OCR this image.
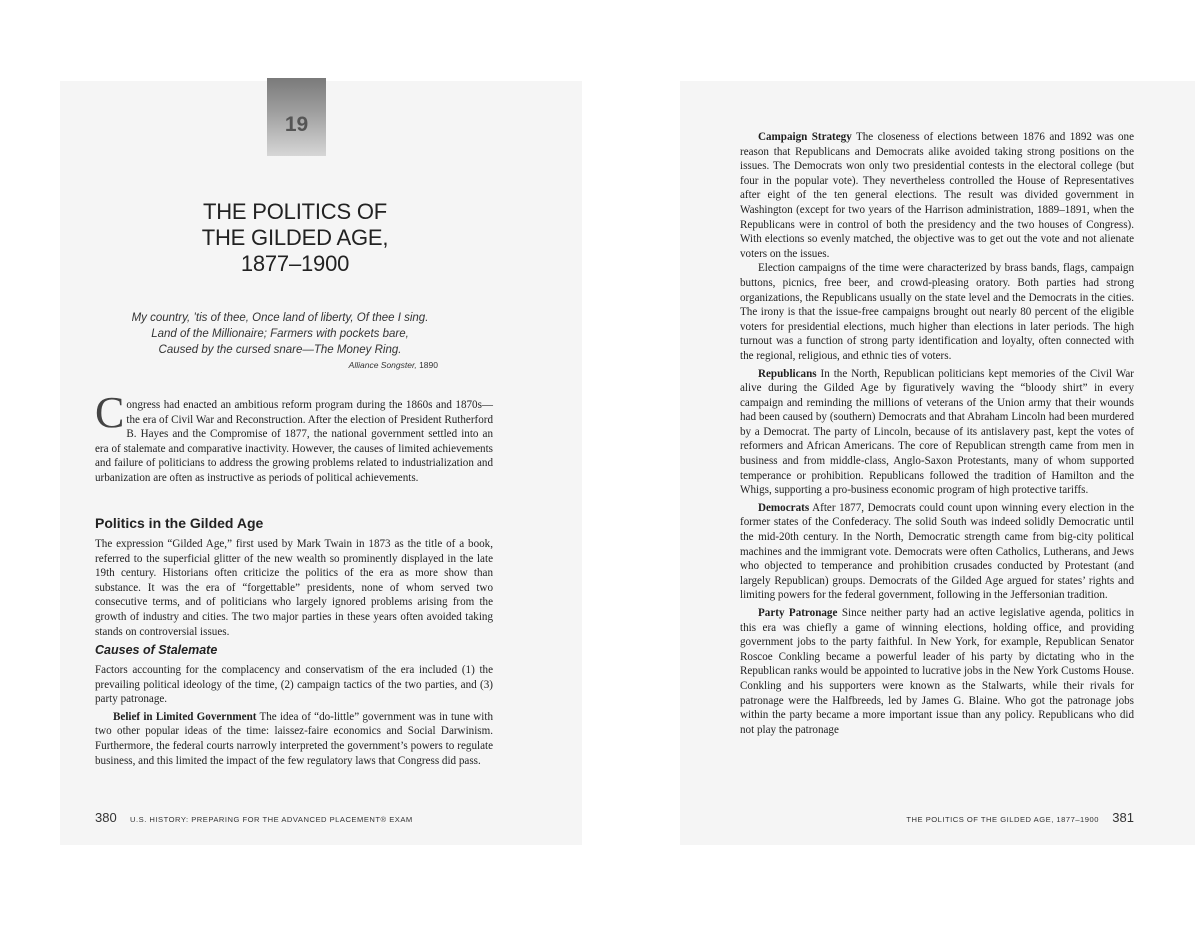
19
THE POLITICS OF
THE GILDED AGE,
1877–1900
My country, ’tis of thee, Once land of liberty, Of thee I sing.
Land of the Millionaire; Farmers with pockets bare,
Caused by the cursed snare—The Money Ring.
Alliance Songster, 1890

Congress had enacted an ambitious reform program during the 1860s and 1870s—the era of Civil War and Reconstruction. After the election of President Rutherford B. Hayes and the Compromise of 1877, the national government settled into an era of stalemate and comparative inactivity. However, the causes of limited achievements and failure of politicians to address the growing problems related to industrialization and urbanization are often as instructive as periods of political achievements.

Politics in the Gilded Age

The expression “Gilded Age,” first used by Mark Twain in 1873 as the title of a book, referred to the superficial glitter of the new wealth so prominently displayed in the late 19th century. Historians often criticize the politics of the era as more show than substance. It was the era of “forgettable” presidents, none of whom served two consecutive terms, and of politicians who largely ignored problems arising from the growth of industry and cities. The two major parties in these years often avoided taking stands on controversial issues.

Causes of Stalemate

Factors accounting for the complacency and conservatism of the era included (1) the prevailing political ideology of the time, (2) campaign tactics of the two parties, and (3) party patronage.

Belief in Limited Government The idea of “do-little” government was in tune with two other popular ideas of the time: laissez-faire economics and Social Darwinism. Furthermore, the federal courts narrowly interpreted the government’s powers to regulate business, and this limited the impact of the few regulatory laws that Congress did pass.

380 U.S. HISTORY: PREPARING FOR THE ADVANCED PLACEMENT® EXAM

Campaign Strategy The closeness of elections between 1876 and 1892 was one reason that Republicans and Democrats alike avoided taking strong positions on the issues. The Democrats won only two presidential contests in the electoral college (but four in the popular vote). They nevertheless controlled the House of Representatives after eight of the ten general elections. The result was divided government in Washington (except for two years of the Harrison administration, 1889–1891, when the Republicans were in control of both the presidency and the two houses of Congress). With elections so evenly matched, the objective was to get out the vote and not alienate voters on the issues.

Election campaigns of the time were characterized by brass bands, flags, campaign buttons, picnics, free beer, and crowd-pleasing oratory. Both parties had strong organizations, the Republicans usually on the state level and the Democrats in the cities. The irony is that the issue-free campaigns brought out nearly 80 percent of the eligible voters for presidential elections, much higher than elections in later periods. The high turnout was a function of strong party identification and loyalty, often connected with the regional, religious, and ethnic ties of voters.

Republicans In the North, Republican politicians kept memories of the Civil War alive during the Gilded Age by figuratively waving the “bloody shirt” in every campaign and reminding the millions of veterans of the Union army that their wounds had been caused by (southern) Democrats and that Abraham Lincoln had been murdered by a Democrat. The party of Lincoln, because of its antislavery past, kept the votes of reformers and African Americans. The core of Republican strength came from men in business and from middle-class, Anglo-Saxon Protestants, many of whom supported temperance or prohibition. Republicans followed the tradition of Hamilton and the Whigs, supporting a pro-business economic program of high protective tariffs.

Democrats After 1877, Democrats could count upon winning every election in the former states of the Confederacy. The solid South was indeed solidly Democratic until the mid-20th century. In the North, Democratic strength came from big-city political machines and the immigrant vote. Democrats were often Catholics, Lutherans, and Jews who objected to temperance and prohibition crusades conducted by Protestant (and largely Republican) groups. Democrats of the Gilded Age argued for states’ rights and limiting powers for the federal government, following in the Jeffersonian tradition.

Party Patronage Since neither party had an active legislative agenda, politics in this era was chiefly a game of winning elections, holding office, and providing government jobs to the party faithful. In New York, for example, Republican Senator Roscoe Conkling became a powerful leader of his party by dictating who in the Republican ranks would be appointed to lucrative jobs in the New York Customs House. Conkling and his supporters were known as the Stalwarts, while their rivals for patronage were the Halfbreeds, led by James G. Blaine. Who got the patronage jobs within the party became a more important issue than any policy. Republicans who did not play the patronage

THE POLITICS OF THE GILDED AGE, 1877–1900 381
